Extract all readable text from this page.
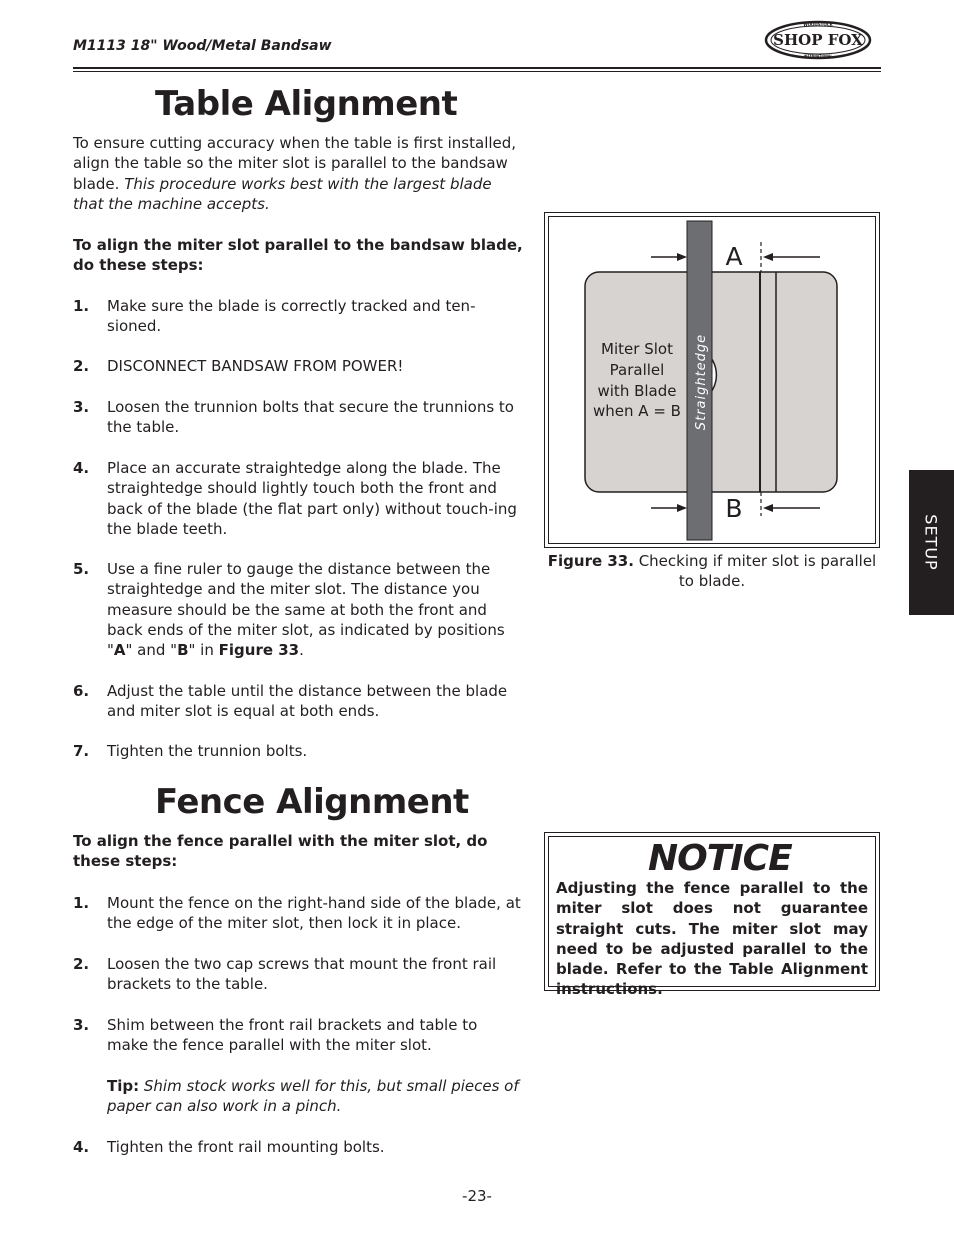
M1113 18" Wood/Metal Bandsaw
WOODSTOCK
SHOP FOX
INTERNATIONAL
Table Alignment
To ensure cutting accuracy when the table is first installed, align the table so the miter slot is parallel to the bandsaw blade. This procedure works best with the largest blade that the machine accepts.
To align the miter slot parallel to the bandsaw blade, do these steps:
1. Make sure the blade is correctly tracked and ten-sioned.
2. DISCONNECT BANDSAW FROM POWER!
3. Loosen the trunnion bolts that secure the trunnions to the table.
4. Place an accurate straightedge along the blade. The straightedge should lightly touch both the front and back of the blade (the flat part only) without touch-ing the blade teeth.
5. Use a fine ruler to gauge the distance between the straightedge and the miter slot. The distance you measure should be the same at both the front and back ends of the miter slot, as indicated by positions "A" and "B" in Figure 33.
6. Adjust the table until the distance between the blade and miter slot is equal at both ends.
7. Tighten the trunnion bolts.
A
B
Straightedge
Miter Slot
Parallel
with Blade
when A = B
Figure 33. Checking if miter slot is parallel to blade.
SETUP
Fence Alignment
To align the fence parallel with the miter slot, do these steps:
1. Mount the fence on the right-hand side of the blade, at the edge of the miter slot, then lock it in place.
2. Loosen the two cap screws that mount the front rail brackets to the table.
3. Shim between the front rail brackets and table to make the fence parallel with the miter slot.
Tip: Shim stock works well for this, but small pieces of paper can also work in a pinch.
4. Tighten the front rail mounting bolts.
NOTICE
Adjusting the fence parallel to the miter slot does not guarantee straight cuts. The miter slot may need to be adjusted parallel to the blade. Refer to the Table Alignment instructions.
-23-
